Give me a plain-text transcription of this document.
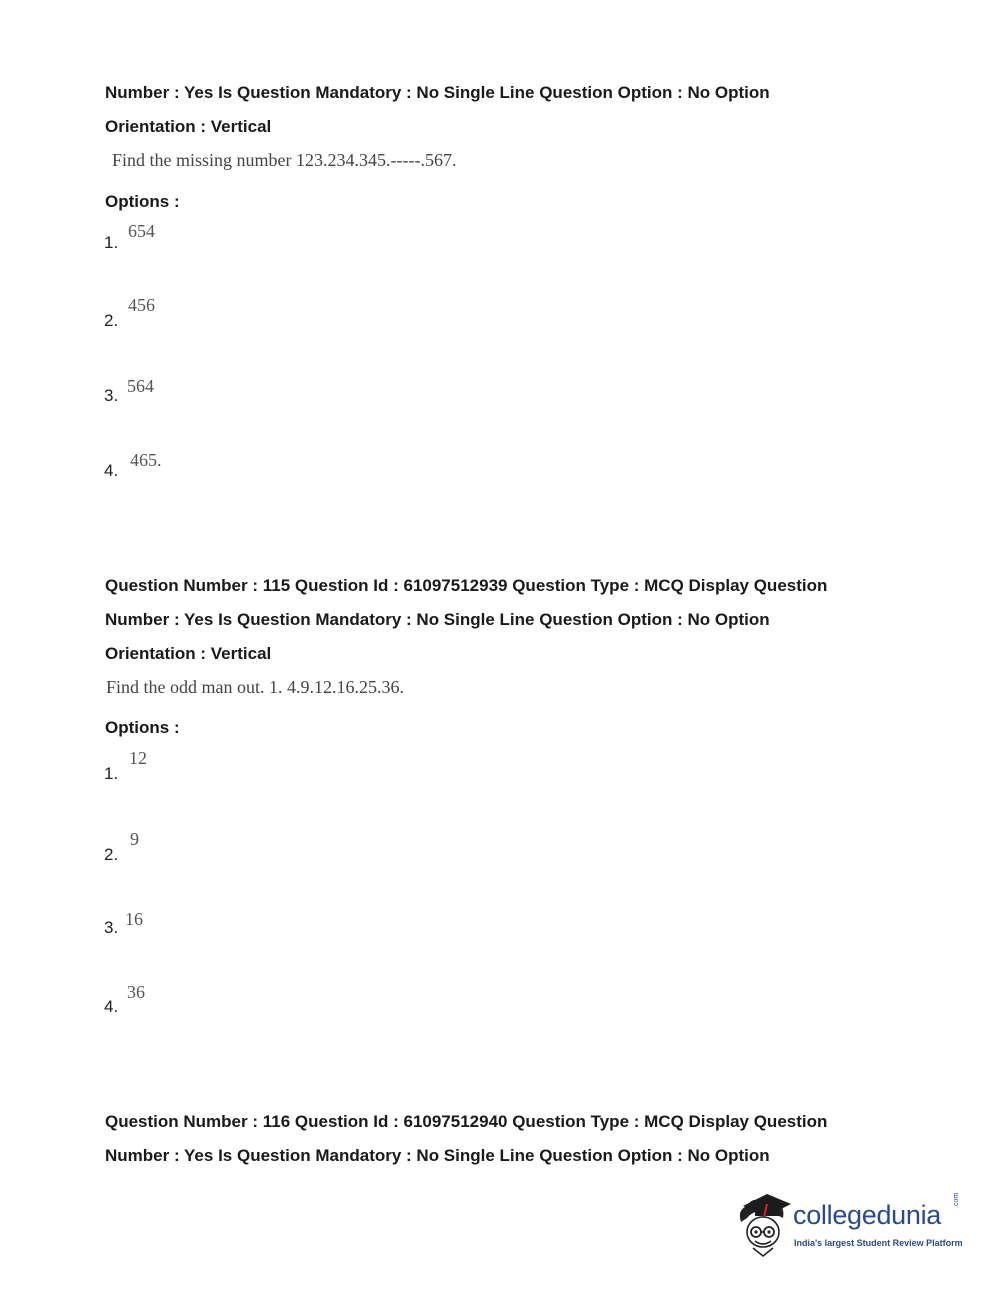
Number : Yes Is Question Mandatory : No Single Line Question Option : No Option
Orientation : Vertical
Find the missing number 123.234.345.-----.567.
Options :
1.
654
2.
456
3. 564
4.
465.
Question Number : 115 Question Id : 61097512939 Question Type : MCQ Display Question
Number : Yes Is Question Mandatory : No Single Line Question Option : No Option
Orientation : Vertical
Find the odd man out. 1. 4.9.12.16.25.36.
Options :
1.
12
2.
9
3. 16
4.
36
Question Number : 116 Question Id : 61097512940 Question Type : MCQ Display Question
Number : Yes Is Question Mandatory : No Single Line Question Option : No Option
collegedunia .com
India's largest Student Review Platform
